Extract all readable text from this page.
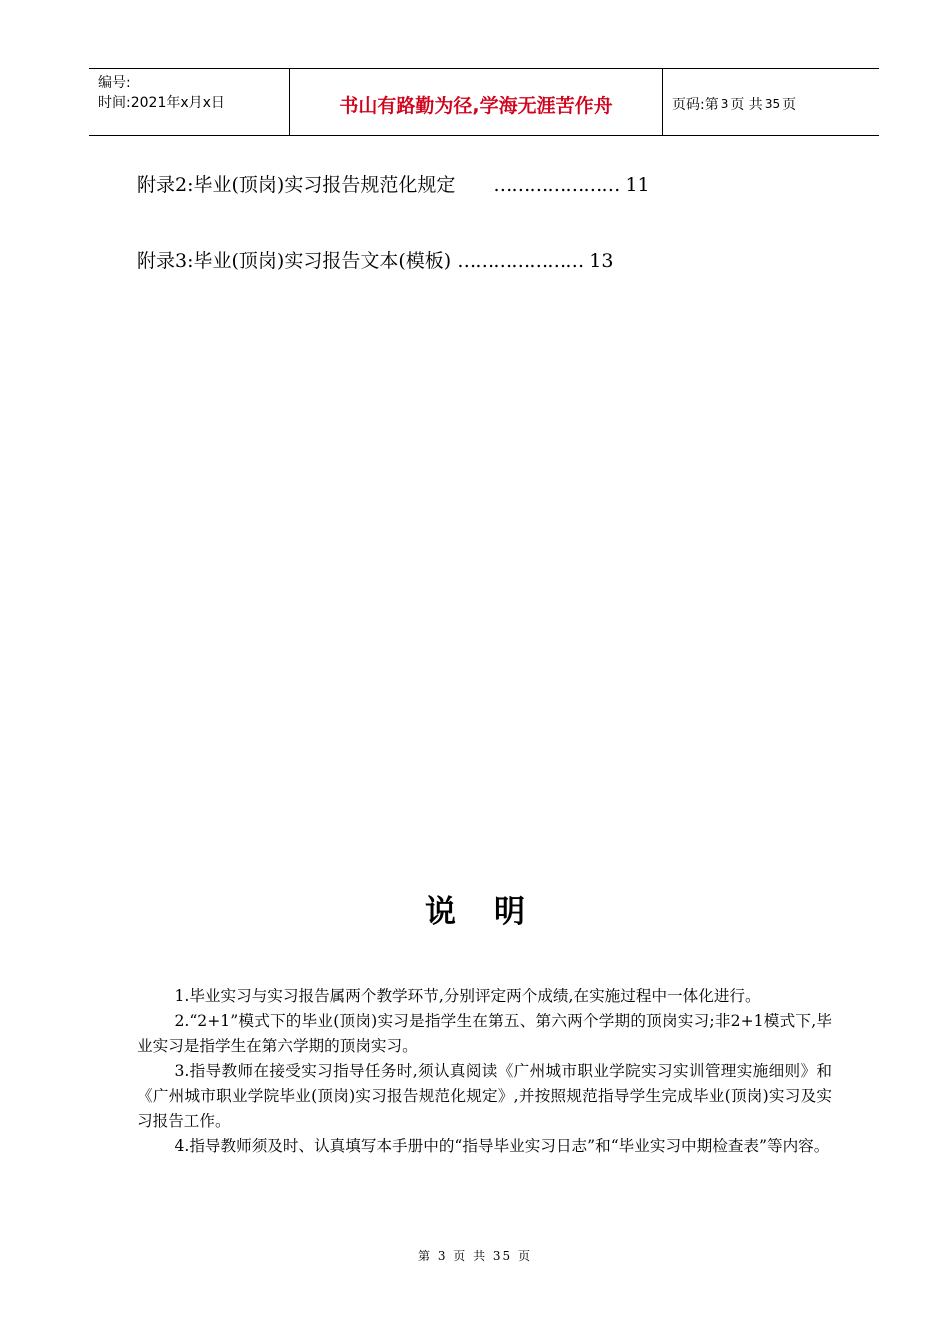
编号:
时间:2021年x月x日	书山有路勤为径,学海无涯苦作舟	页码:第 3 页 共 35 页
附录2:毕业(顶岗)实习报告规范化规定 ………………… 11
附录3:毕业(顶岗)实习报告文本(模板) ………………… 13
说明

1.毕业实习与实习报告属两个教学环节,分别评定两个成绩,在实施过程中一体化进行。

2.“2+1”模式下的毕业(顶岗)实习是指学生在第五、第六两个学期的顶岗实习;非2+1模式下,毕业实习是指学生在第六学期的顶岗实习。

3.指导教师在接受实习指导任务时,须认真阅读《广州城市职业学院实习实训管理实施细则》和《广州城市职业学院毕业(顶岗)实习报告规范化规定》,并按照规范指导学生完成毕业(顶岗)实习及实习报告工作。

4.指导教师须及时、认真填写本手册中的“指导毕业实习日志”和“毕业实习中期检查表”等内容。

第 3 页 共 35 页
